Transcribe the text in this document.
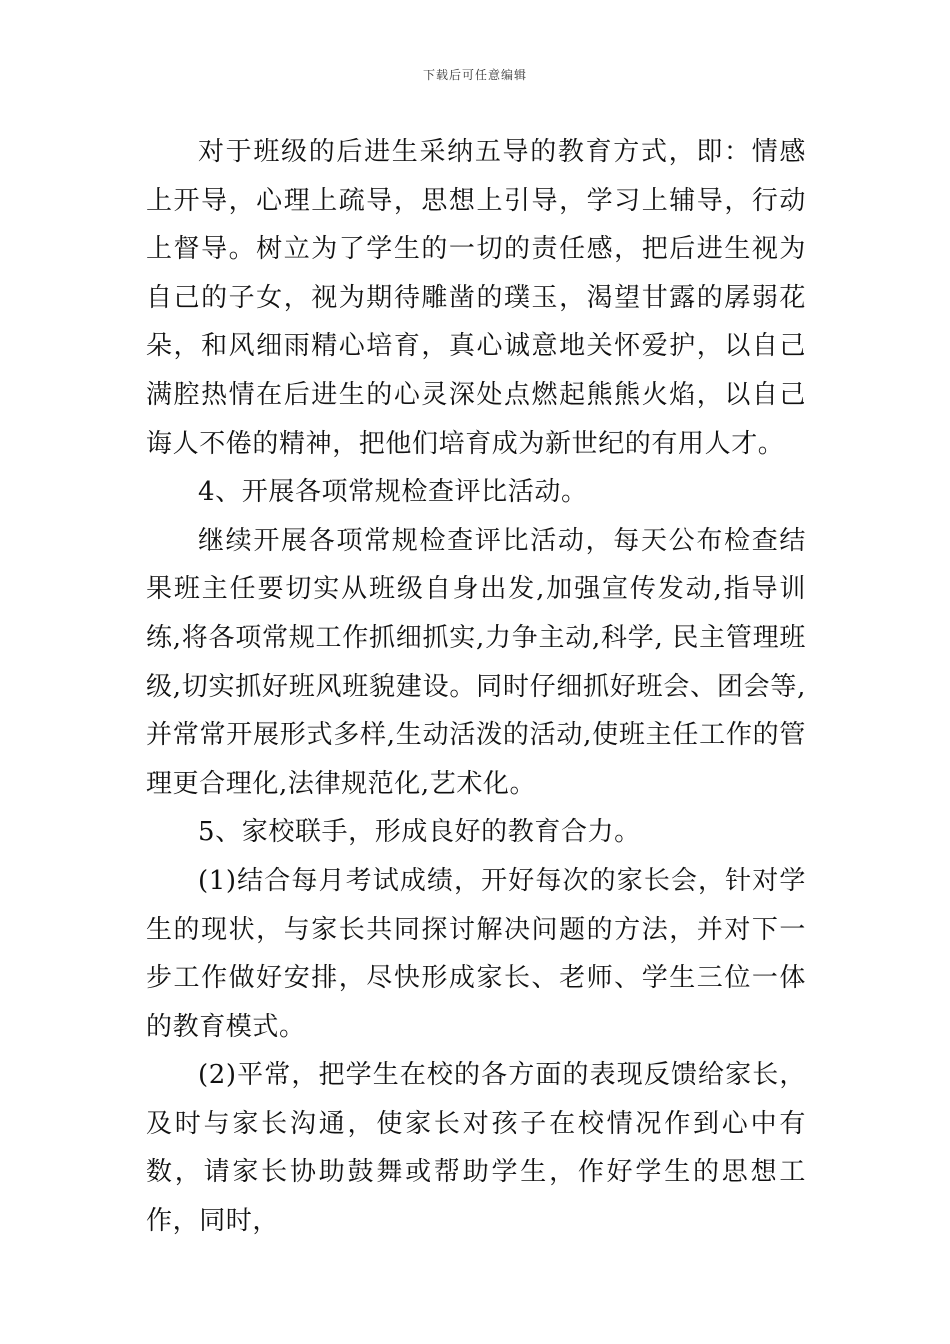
下载后可任意编辑

对于班级的后进生采纳五导的教育方式，即：情感上开导，心理上疏导，思想上引导，学习上辅导，行动上督导。树立为了学生的一切的责任感，把后进生视为自己的子女，视为期待雕凿的璞玉，渴望甘露的孱弱花朵，和风细雨精心培育，真心诚意地关怀爱护，以自己满腔热情在后进生的心灵深处点燃起熊熊火焰，以自己诲人不倦的精神，把他们培育成为新世纪的有用人才。

4、开展各项常规检查评比活动。

继续开展各项常规检查评比活动，每天公布检查结果班主任要切实从班级自身出发,加强宣传发动,指导训练,将各项常规工作抓细抓实,力争主动,科学, 民主管理班级,切实抓好班风班貌建设。同时仔细抓好班会、团会等,并常常开展形式多样,生动活泼的活动,使班主任工作的管理更合理化,法律规范化,艺术化。

5、家校联手，形成良好的教育合力。

(1)结合每月考试成绩，开好每次的家长会，针对学生的现状，与家长共同探讨解决问题的方法，并对下一步工作做好安排，尽快形成家长、老师、学生三位一体的教育模式。

(2)平常，把学生在校的各方面的表现反馈给家长，及时与家长沟通，使家长对孩子在校情况作到心中有数，请家长协助鼓舞或帮助学生，作好学生的思想工作，同时，
